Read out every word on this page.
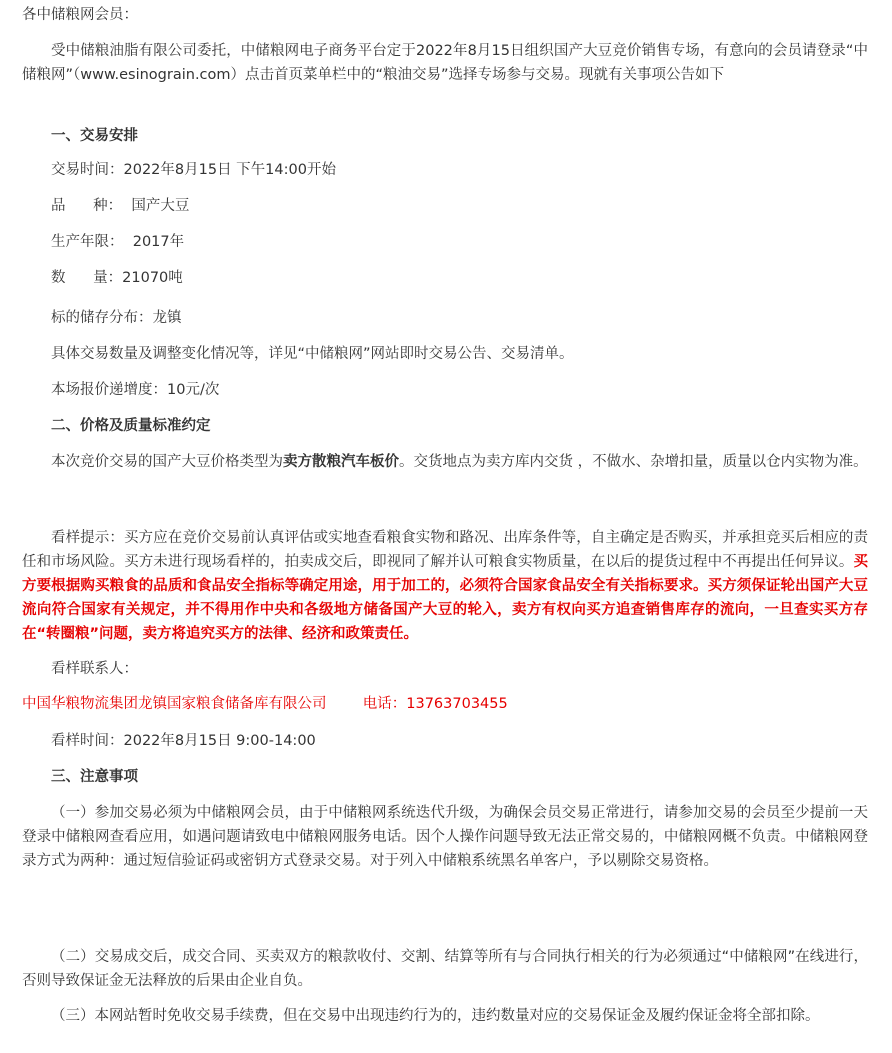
各中储粮网会员：
受中储粮油脂有限公司委托，中储粮网电子商务平台定于2022年8月15日组织国产大豆竞价销售专场，有意向的会员请登录“中储粮网”（www.esinograin.com）点击首页菜单栏中的“粮油交易”选择专场参与交易。现就有关事项公告如下
一、交易安排
交易时间：2022年8月15日 下午14:00开始
品      种：  国产大豆
生产年限：  2017年
数      量：21070吨
标的储存分布：龙镇
具体交易数量及调整变化情况等，详见“中储粮网”网站即时交易公告、交易清单。
本场报价递增度：10元/次
二、价格及质量标准约定
本次竞价交易的国产大豆价格类型为卖方散粮汽车板价。交货地点为卖方库内交货 ，不做水、杂增扣量，质量以仓内实物为准。
看样提示：买方应在竞价交易前认真评估或实地查看粮食实物和路况、出库条件等，自主确定是否购买，并承担竞买后相应的责任和市场风险。买方未进行现场看样的，拍卖成交后，即视同了解并认可粮食实物质量，在以后的提货过程中不再提出任何异议。买方要根据购买粮食的品质和食品安全指标等确定用途，用于加工的，必须符合国家食品安全有关指标要求。买方须保证轮出国产大豆流向符合国家有关规定，并不得用作中央和各级地方储备国产大豆的轮入，卖方有权向买方追查销售库存的流向，一旦查实买方存在“转圈粮”问题，卖方将追究买方的法律、经济和政策责任。
看样联系人：
中国华粮物流集团龙镇国家粮食储备库有限公司	电话：13763703455
看样时间：2022年8月15日 9:00-14:00
三、注意事项
（一）参加交易必须为中储粮网会员，由于中储粮网系统迭代升级，为确保会员交易正常进行，请参加交易的会员至少提前一天登录中储粮网查看应用，如遇问题请致电中储粮网服务电话。因个人操作问题导致无法正常交易的，中储粮网概不负责。中储粮网登录方式为两种：通过短信验证码或密钥方式登录交易。对于列入中储粮系统黑名单客户，予以剔除交易资格。
（二）交易成交后，成交合同、买卖双方的粮款收付、交割、结算等所有与合同执行相关的行为必须通过“中储粮网”在线进行，否则导致保证金无法释放的后果由企业自负。
（三）本网站暂时免收交易手续费，但在交易中出现违约行为的，违约数量对应的交易保证金及履约保证金将全部扣除。
